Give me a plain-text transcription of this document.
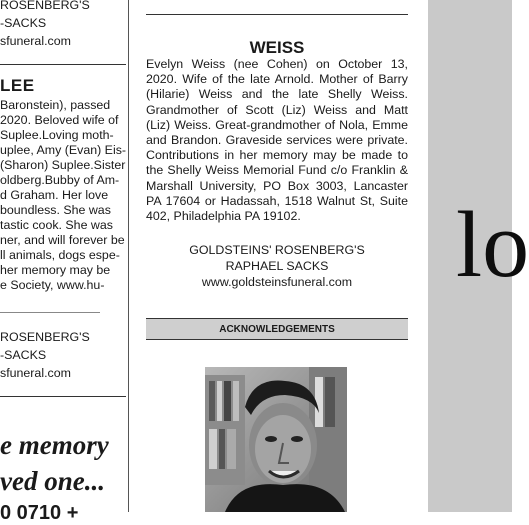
ROSENBERG'S
-SACKS
sfuneral.com
LEE
Baronstein), passed
2020. Beloved wife of
Suplee.Loving moth-
uplee, Amy (Evan) Eis-
(Sharon) Suplee.Sister
oldberg.Bubby of Am-
d Graham. Her love
boundless. She was
tastic cook. She was
ner, and will forever be
ll animals, dogs espe-
her memory may be
e Society, www.hu-
ROSENBERG'S
-SACKS
sfuneral.com
e memory
ved one...
0 0710 +
WEISS
Evelyn Weiss (nee Cohen) on October 13, 2020. Wife of the late Arnold. Mother of Barry (Hilarie) Weiss and the late Shelly Weiss. Grandmother of Scott (Liz) Weiss and Matt (Liz) Weiss. Great-grandmother of Nola, Emme and Brandon. Graveside services were private. Contributions in her memory may be made to the Shelly Weiss Memorial Fund c/o Franklin & Marshall University, PO Box 3003, Lancaster PA 17604 or Hadassah, 1518 Walnut St, Suite 402, Philadelphia PA 19102.
GOLDSTEINS' ROSENBERG'S
RAPHAEL SACKS
www.goldsteinsfuneral.com
ACKNOWLEDGEMENTS
lo
